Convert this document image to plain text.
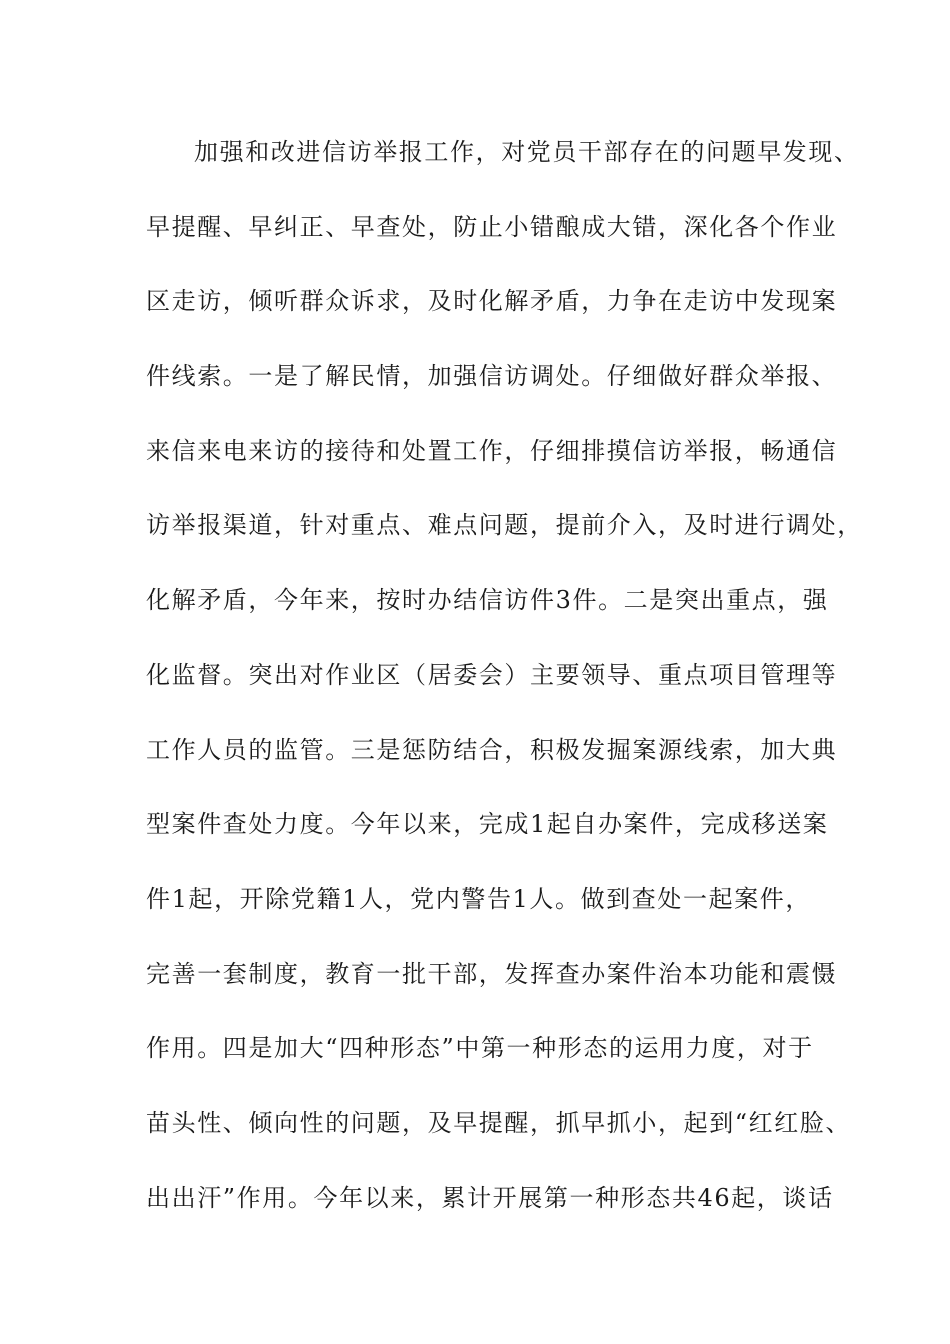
加强和改进信访举报工作，对党员干部存在的问题早发现、
早提醒、早纠正、早查处，防止小错酿成大错，深化各个作业
区走访，倾听群众诉求，及时化解矛盾，力争在走访中发现案
件线索。一是了解民情，加强信访调处。仔细做好群众举报、
来信来电来访的接待和处置工作，仔细排摸信访举报，畅通信
访举报渠道，针对重点、难点问题，提前介入，及时进行调处，
化解矛盾，今年来，按时办结信访件3件。二是突出重点，强
化监督。突出对作业区（居委会）主要领导、重点项目管理等
工作人员的监管。三是惩防结合，积极发掘案源线索，加大典
型案件查处力度。今年以来，完成1起自办案件，完成移送案
件1起，开除党籍1人，党内警告1人。做到查处一起案件，
完善一套制度，教育一批干部，发挥查办案件治本功能和震慑
作用。四是加大“四种形态”中第一种形态的运用力度，对于
苗头性、倾向性的问题，及早提醒，抓早抓小，起到“红红脸、
出出汗”作用。今年以来，累计开展第一种形态共46起，谈话
